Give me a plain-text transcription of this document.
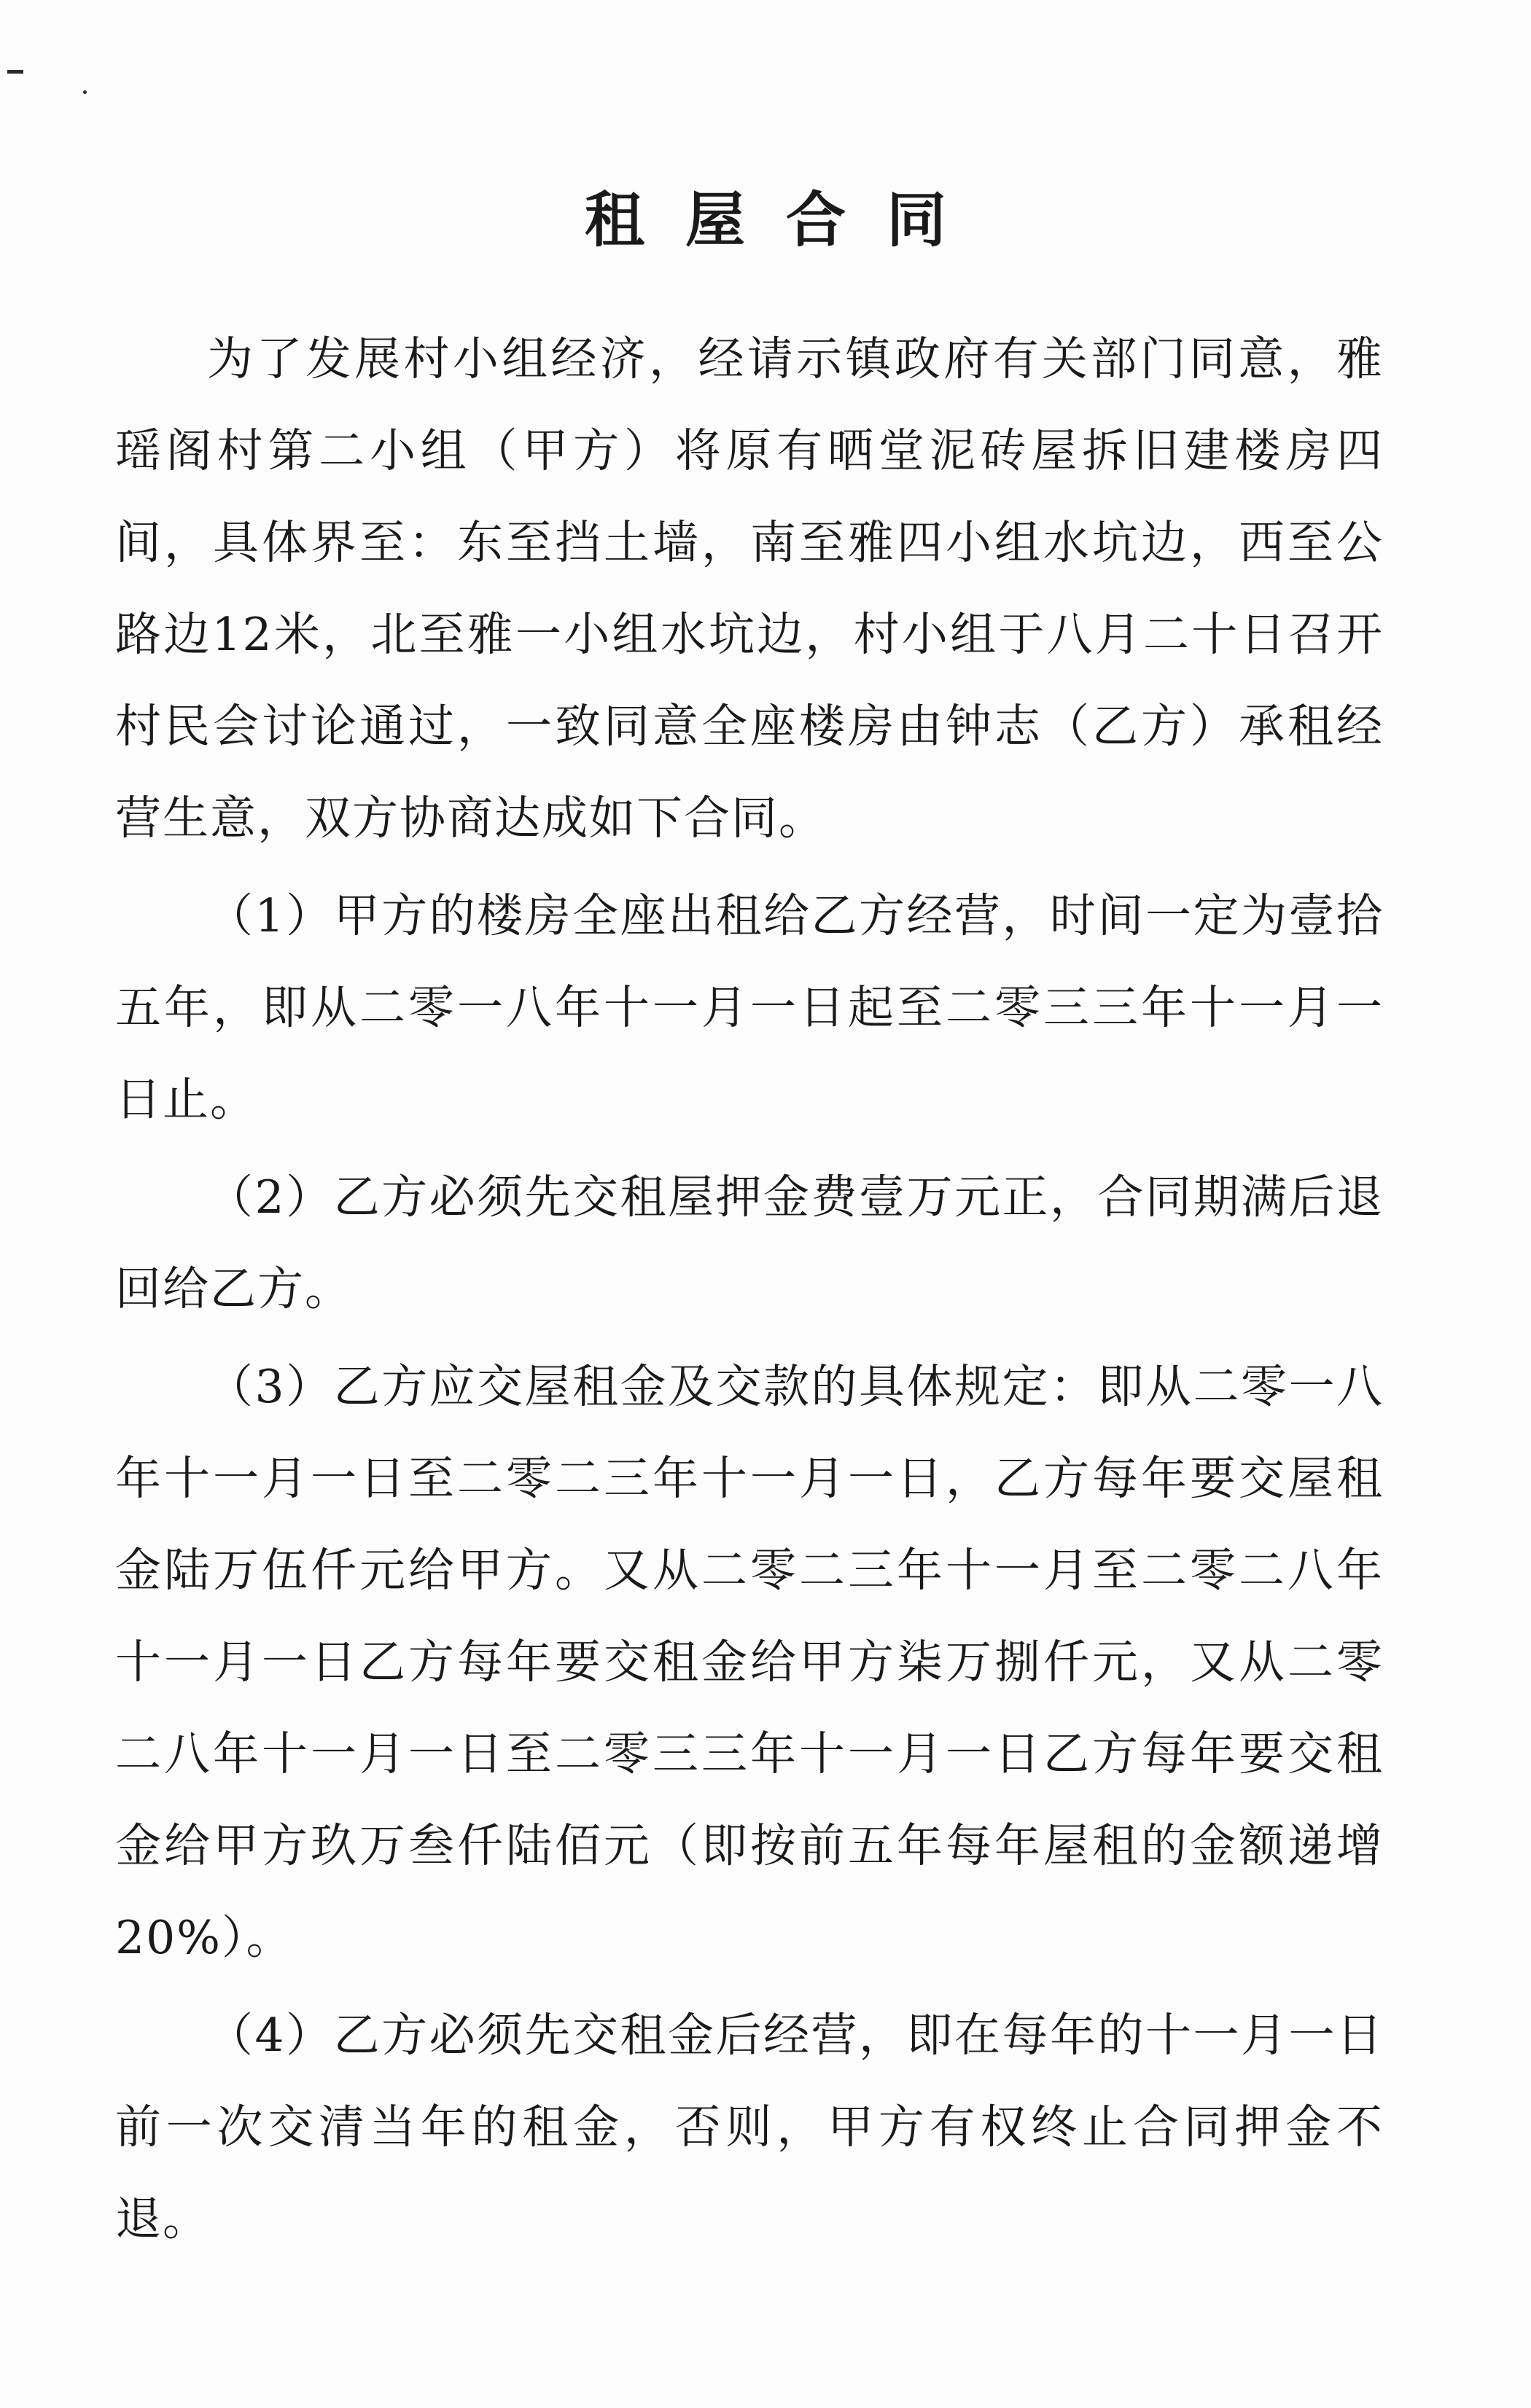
租屋合同

为了发展村小组经济，经请示镇政府有关部门同意，雅瑶阁村第二小组（甲方）将原有晒堂泥砖屋拆旧建楼房四间，具体界至：东至挡土墙，南至雅四小组水坑边，西至公路边12米，北至雅一小组水坑边，村小组于八月二十日召开村民会讨论通过，一致同意全座楼房由钟志（乙方）承租经营生意，双方协商达成如下合同。

（1）甲方的楼房全座出租给乙方经营，时间一定为壹拾五年，即从二零一八年十一月一日起至二零三三年十一月一日止。

（2）乙方必须先交租屋押金费壹万元正，合同期满后退回给乙方。

（3）乙方应交屋租金及交款的具体规定：即从二零一八年十一月一日至二零二三年十一月一日，乙方每年要交屋租金陆万伍仟元给甲方。又从二零二三年十一月至二零二八年十一月一日乙方每年要交租金给甲方柒万捌仟元，又从二零二八年十一月一日至二零三三年十一月一日乙方每年要交租金给甲方玖万叁仟陆佰元（即按前五年每年屋租的金额递增20%）。

（4）乙方必须先交租金后经营，即在每年的十一月一日前一次交清当年的租金，否则，甲方有权终止合同押金不退。
